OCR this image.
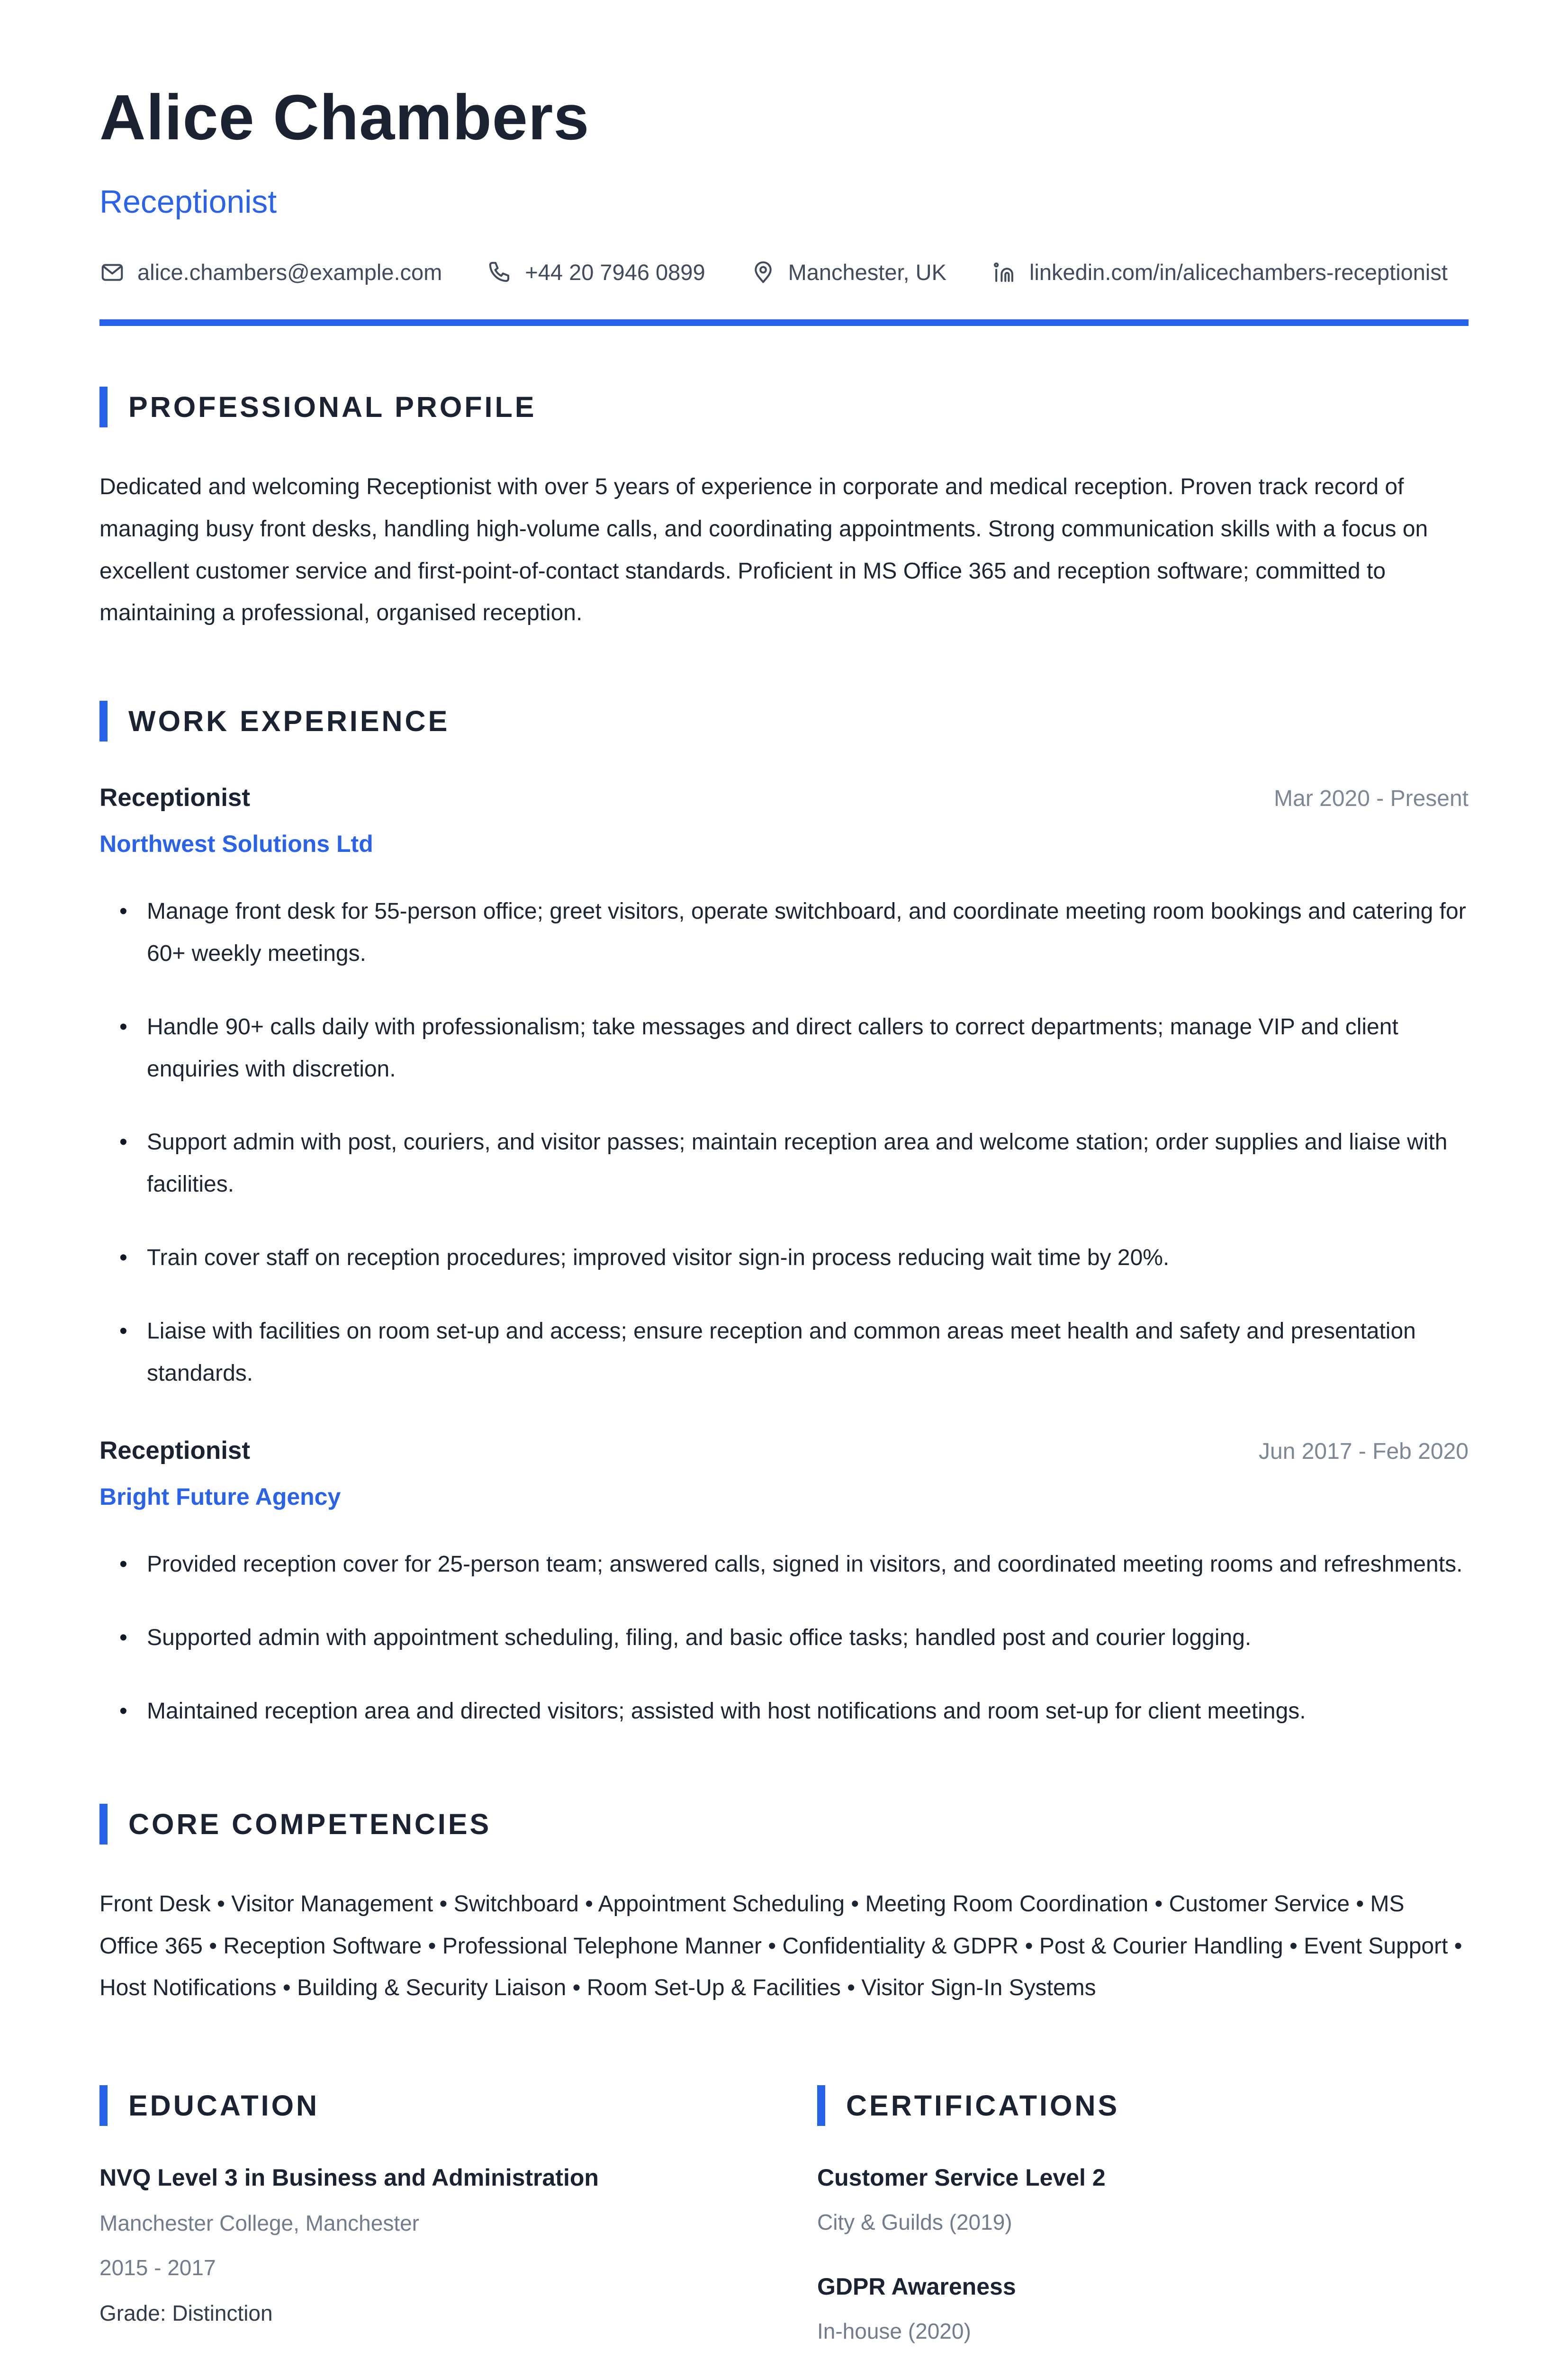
Alice Chambers
Receptionist
alice.chambers@example.com	+44 20 7946 0899	Manchester, UK	linkedin.com/in/alicechambers-receptionist
PROFESSIONAL PROFILE
Dedicated and welcoming Receptionist with over 5 years of experience in corporate and medical reception. Proven track record of managing busy front desks, handling high-volume calls, and coordinating appointments. Strong communication skills with a focus on excellent customer service and first-point-of-contact standards. Proficient in MS Office 365 and reception software; committed to maintaining a professional, organised reception.
WORK EXPERIENCE
Receptionist	Mar 2020 - Present
Northwest Solutions Ltd
• Manage front desk for 55-person office; greet visitors, operate switchboard, and coordinate meeting room bookings and catering for 60+ weekly meetings.
• Handle 90+ calls daily with professionalism; take messages and direct callers to correct departments; manage VIP and client enquiries with discretion.
• Support admin with post, couriers, and visitor passes; maintain reception area and welcome station; order supplies and liaise with facilities.
• Train cover staff on reception procedures; improved visitor sign-in process reducing wait time by 20%.
• Liaise with facilities on room set-up and access; ensure reception and common areas meet health and safety and presentation standards.
Receptionist	Jun 2017 - Feb 2020
Bright Future Agency
• Provided reception cover for 25-person team; answered calls, signed in visitors, and coordinated meeting rooms and refreshments.
• Supported admin with appointment scheduling, filing, and basic office tasks; handled post and courier logging.
• Maintained reception area and directed visitors; assisted with host notifications and room set-up for client meetings.
CORE COMPETENCIES
Front Desk • Visitor Management • Switchboard • Appointment Scheduling • Meeting Room Coordination • Customer Service • MS Office 365 • Reception Software • Professional Telephone Manner • Confidentiality & GDPR • Post & Courier Handling • Event Support • Host Notifications • Building & Security Liaison • Room Set-Up & Facilities • Visitor Sign-In Systems
EDUCATION
NVQ Level 3 in Business and Administration
Manchester College, Manchester
2015 - 2017
Grade: Distinction
CERTIFICATIONS
Customer Service Level 2
City & Guilds (2019)
GDPR Awareness
In-house (2020)
